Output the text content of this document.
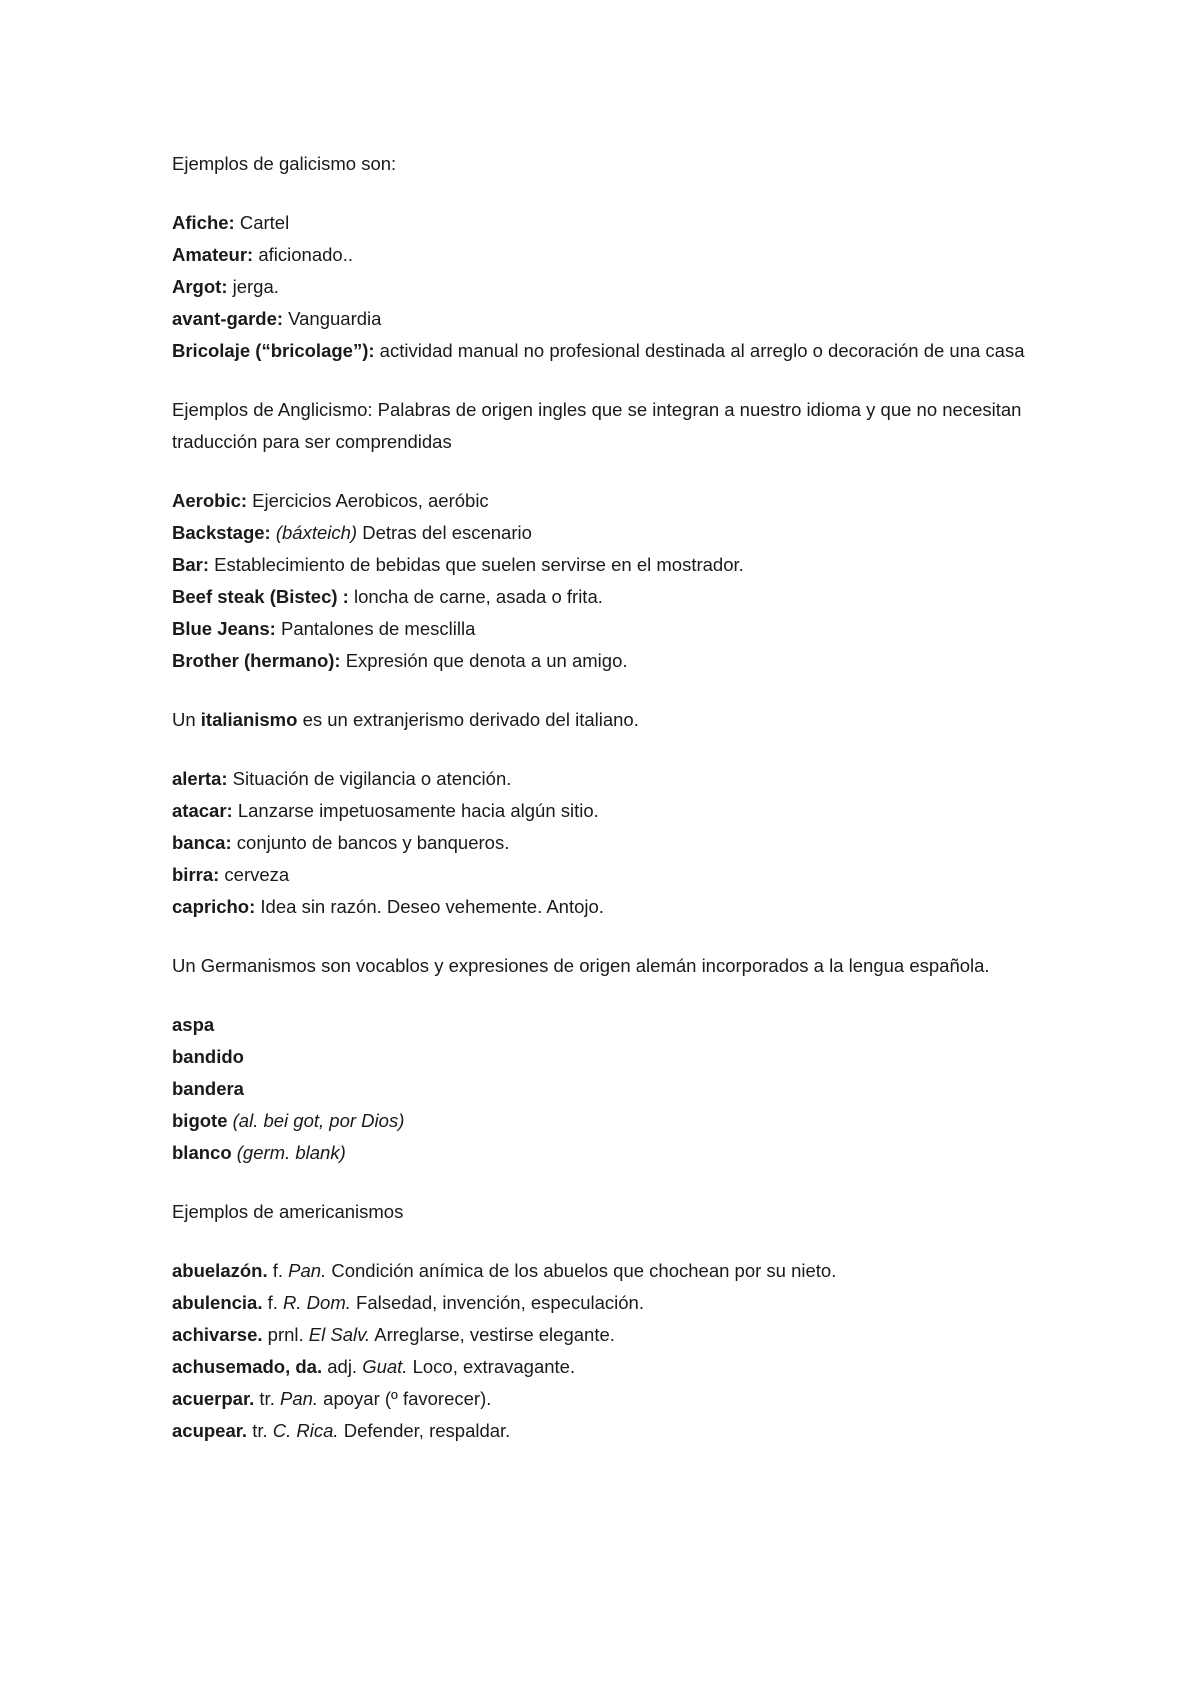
Ejemplos de galicismo son:

Afiche: Cartel

Amateur: aficionado..

Argot: jerga.

avant-garde: Vanguardia

Bricolaje (“bricolage”): actividad manual no profesional destinada al arreglo o decoración de una casa

Ejemplos de Anglicismo: Palabras de origen ingles que se integran a nuestro idioma y que no necesitan traducción para ser comprendidas

Aerobic: Ejercicios Aerobicos, aeróbic

Backstage: (báxteich) Detras del escenario

Bar: Establecimiento de bebidas que suelen servirse en el mostrador.

Beef steak (Bistec) : loncha de carne, asada o frita.

Blue Jeans: Pantalones de mesclilla

Brother (hermano): Expresión que denota a un amigo.

Un italianismo es un extranjerismo derivado del italiano.

alerta: Situación de vigilancia o atención.

atacar: Lanzarse impetuosamente hacia algún sitio.

banca: conjunto de bancos y banqueros.

birra: cerveza

capricho: Idea sin razón. Deseo vehemente. Antojo.

Un Germanismos son vocablos y expresiones de origen alemán incorporados a la lengua española.

aspa

bandido

bandera

bigote (al. bei got, por Dios)

blanco (germ. blank)

Ejemplos de americanismos

abuelazón. f. Pan. Condición anímica de los abuelos que chochean por su nieto.

abulencia. f. R. Dom. Falsedad, invención, especulación.

achivarse. prnl. El Salv. Arreglarse, vestirse elegante.

achusemado, da. adj. Guat. Loco, extravagante.

acuerpar. tr. Pan. apoyar (º favorecer).

acupear. tr. C. Rica. Defender, respaldar.
